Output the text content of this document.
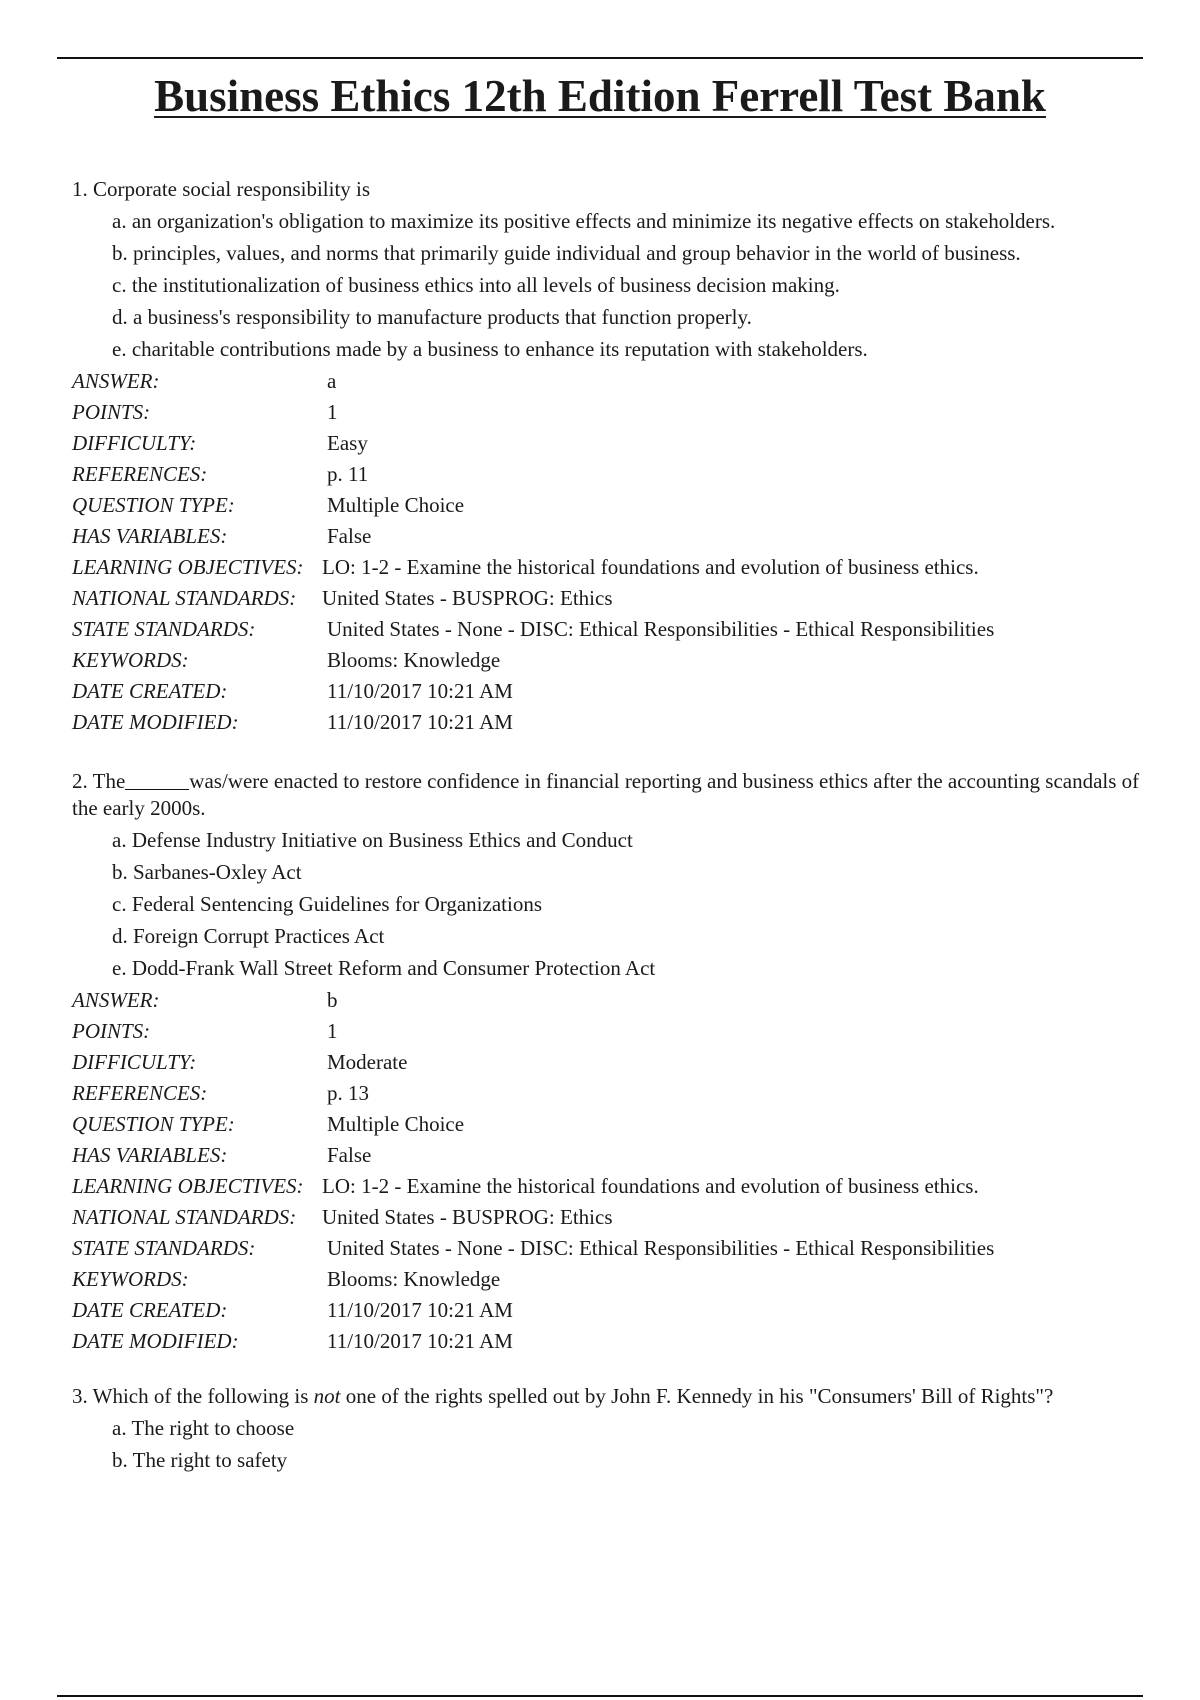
Business Ethics 12th Edition Ferrell Test Bank
1. Corporate social responsibility is
a. an organization's obligation to maximize its positive effects and minimize its negative effects on stakeholders.
b. principles, values, and norms that primarily guide individual and group behavior in the world of business.
c. the institutionalization of business ethics into all levels of business decision making.
d. a business's responsibility to manufacture products that function properly.
e. charitable contributions made by a business to enhance its reputation with stakeholders.
ANSWER:	a
POINTS:	1
DIFFICULTY:	Easy
REFERENCES:	p. 11
QUESTION TYPE:	Multiple Choice
HAS VARIABLES:	False
LEARNING OBJECTIVES: LO: 1-2 - Examine the historical foundations and evolution of business ethics.
NATIONAL STANDARDS:	United States - BUSPROG: Ethics
STATE STANDARDS:	United States - None - DISC: Ethical Responsibilities - Ethical Responsibilities
KEYWORDS:	Blooms: Knowledge
DATE CREATED:	11/10/2017 10:21 AM
DATE MODIFIED:	11/10/2017 10:21 AM
2. The	was/were enacted to restore confidence in financial reporting and business ethics after the accounting scandals of the early 2000s.
a. Defense Industry Initiative on Business Ethics and Conduct
b. Sarbanes-Oxley Act
c. Federal Sentencing Guidelines for Organizations
d. Foreign Corrupt Practices Act
e. Dodd-Frank Wall Street Reform and Consumer Protection Act
ANSWER:	b
POINTS:	1
DIFFICULTY:	Moderate
REFERENCES:	p. 13
QUESTION TYPE:	Multiple Choice
HAS VARIABLES:	False
LEARNING OBJECTIVES: LO: 1-2 - Examine the historical foundations and evolution of business ethics.
NATIONAL STANDARDS:	United States - BUSPROG: Ethics
STATE STANDARDS:	United States - None - DISC: Ethical Responsibilities - Ethical Responsibilities
KEYWORDS:	Blooms: Knowledge
DATE CREATED:	11/10/2017 10:21 AM
DATE MODIFIED:	11/10/2017 10:21 AM
3. Which of the following is not one of the rights spelled out by John F. Kennedy in his "Consumers' Bill of Rights"?
a. The right to choose
b. The right to safety
